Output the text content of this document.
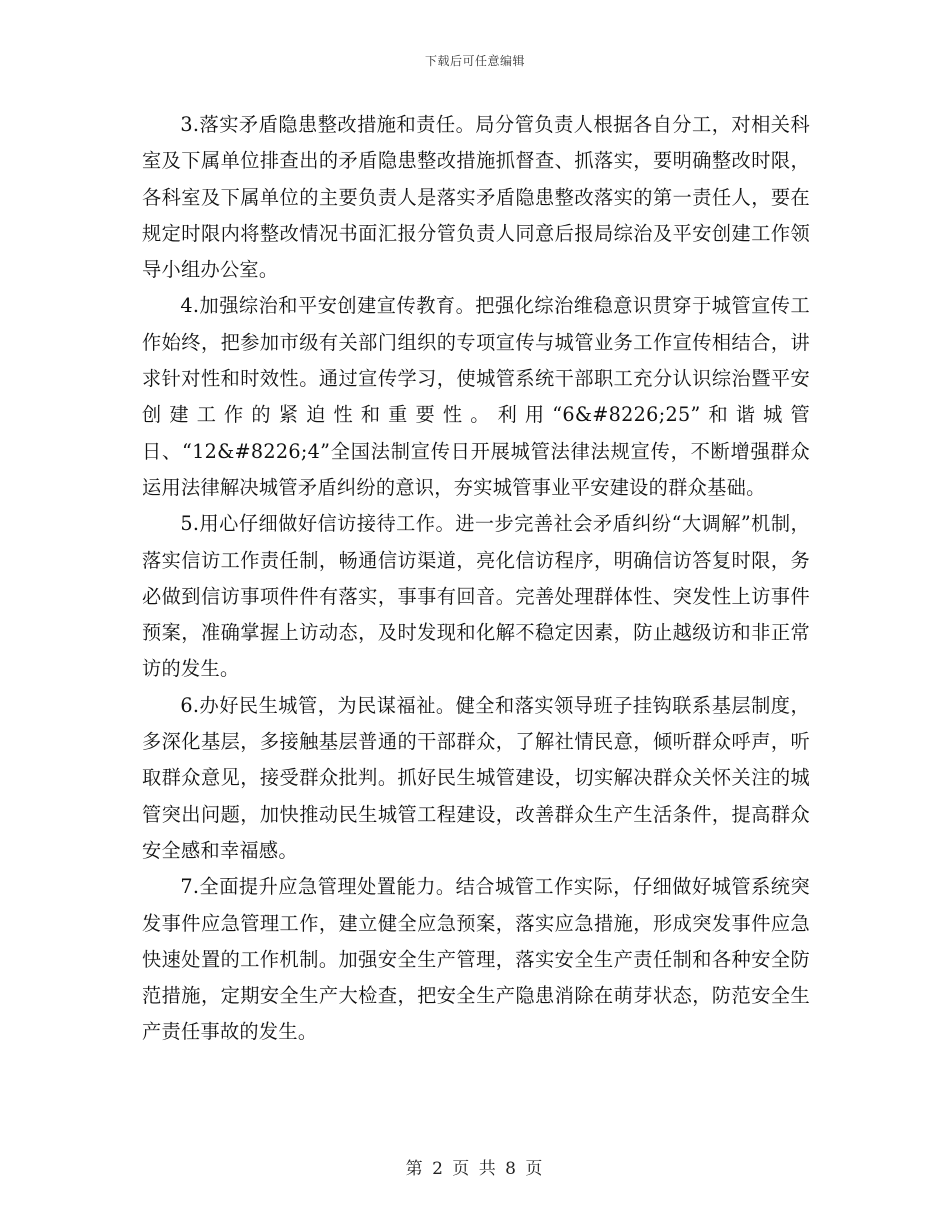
下载后可任意编辑

3.落实矛盾隐患整改措施和责任。局分管负责人根据各自分工，对相关科室及下属单位排查出的矛盾隐患整改措施抓督查、抓落实，要明确整改时限，各科室及下属单位的主要负责人是落实矛盾隐患整改落实的第一责任人，要在规定时限内将整改情况书面汇报分管负责人同意后报局综治及平安创建工作领导小组办公室。

4.加强综治和平安创建宣传教育。把强化综治维稳意识贯穿于城管宣传工作始终，把参加市级有关部门组织的专项宣传与城管业务工作宣传相结合，讲求针对性和时效性。通过宣传学习，使城管系统干部职工充分认识综治暨平安创建工作的紧迫性和重要性。利用“6&#8226;25”和谐城管日、“12&#8226;4”全国法制宣传日开展城管法律法规宣传，不断增强群众运用法律解决城管矛盾纠纷的意识，夯实城管事业平安建设的群众基础。

5.用心仔细做好信访接待工作。进一步完善社会矛盾纠纷“大调解”机制，落实信访工作责任制，畅通信访渠道，亮化信访程序，明确信访答复时限，务必做到信访事项件件有落实，事事有回音。完善处理群体性、突发性上访事件预案，准确掌握上访动态，及时发现和化解不稳定因素，防止越级访和非正常访的发生。

6.办好民生城管，为民谋福祉。健全和落实领导班子挂钩联系基层制度，多深化基层，多接触基层普通的干部群众，了解社情民意，倾听群众呼声，听取群众意见，接受群众批判。抓好民生城管建设，切实解决群众关怀关注的城管突出问题，加快推动民生城管工程建设，改善群众生产生活条件，提高群众安全感和幸福感。

7.全面提升应急管理处置能力。结合城管工作实际，仔细做好城管系统突发事件应急管理工作，建立健全应急预案，落实应急措施，形成突发事件应急快速处置的工作机制。加强安全生产管理，落实安全生产责任制和各种安全防范措施，定期安全生产大检查，把安全生产隐患消除在萌芽状态，防范安全生产责任事故的发生。

第 2 页 共 8 页
